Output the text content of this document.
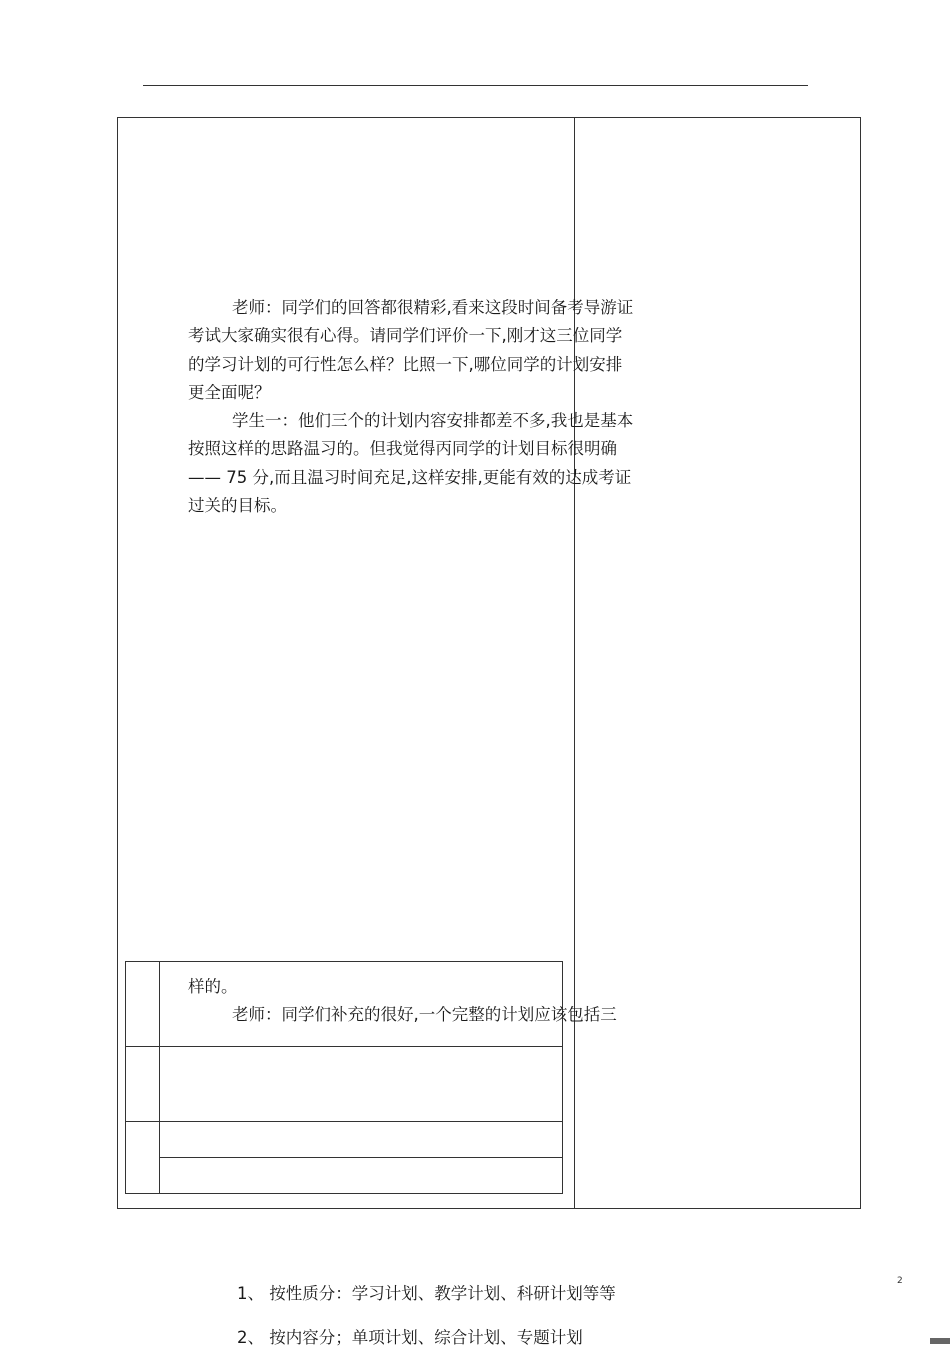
老师：同学们的回答都很精彩,看来这段时间备考导游证考试大家确实很有心得。请同学们评价一下,刚才这三位同学的学习计划的可行性怎么样？比照一下,哪位同学的计划安排更全面呢？

学生一：他们三个的计划内容安排都差不多,我也是基本按照这样的思路温习的。但我觉得丙同学的计划目标很明确—— 75 分,而且温习时间充足,这样安排,更能有效的达成考证过关的目标。

样的。

老师：同学们补充的很好,一个完整的计划应该包括三

2
1、 按性质分：学习计划、教学计划、科研计划等等
2、 按内容分；单项计划、综合计划、专题计划
